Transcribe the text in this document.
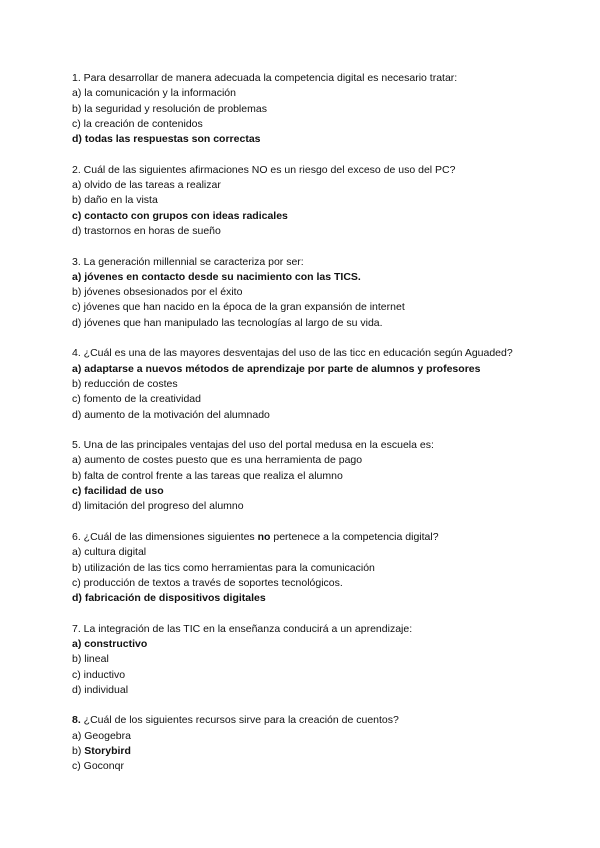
1. Para desarrollar de manera adecuada la competencia digital es necesario tratar:
a) la comunicación y la información
b) la seguridad y resolución de problemas
c) la creación de contenidos
d) todas las respuestas son correctas
2. Cuál de las siguientes afirmaciones NO es un riesgo del exceso de uso del PC?
a) olvido de las tareas a realizar
b) daño en la vista
c) contacto con grupos con ideas radicales
d) trastornos en horas de sueño
3. La generación millennial se caracteriza por ser:
a) jóvenes en contacto desde su nacimiento con las TICS.
b) jóvenes obsesionados por el éxito
c) jóvenes que han nacido en la época de la gran expansión de internet
d) jóvenes que han manipulado las tecnologías al largo de su vida.
4. ¿Cuál es una de las mayores desventajas del uso de las ticc en educación según Aguaded?
a) adaptarse a nuevos métodos de aprendizaje por parte de alumnos y profesores
b) reducción de costes
c) fomento de la creatividad
d) aumento de la motivación del alumnado
5. Una de las principales ventajas del uso del portal medusa en la escuela es:
a) aumento de costes puesto que es una herramienta de pago
b) falta de control frente a las tareas que realiza el alumno
c) facilidad de uso
d) limitación del progreso del alumno
6. ¿Cuál de las dimensiones siguientes no pertenece a la competencia digital?
a) cultura digital
b) utilización de las tics como herramientas para la comunicación
c) producción de textos a través de soportes tecnológicos.
d) fabricación de dispositivos digitales
7. La integración de las TIC en la enseñanza conducirá a un aprendizaje:
a) constructivo
b) lineal
c) inductivo
d) individual
8. ¿Cuál de los siguientes recursos sirve para la creación de cuentos?
a) Geogebra
b) Storybird
c) Goconqr
